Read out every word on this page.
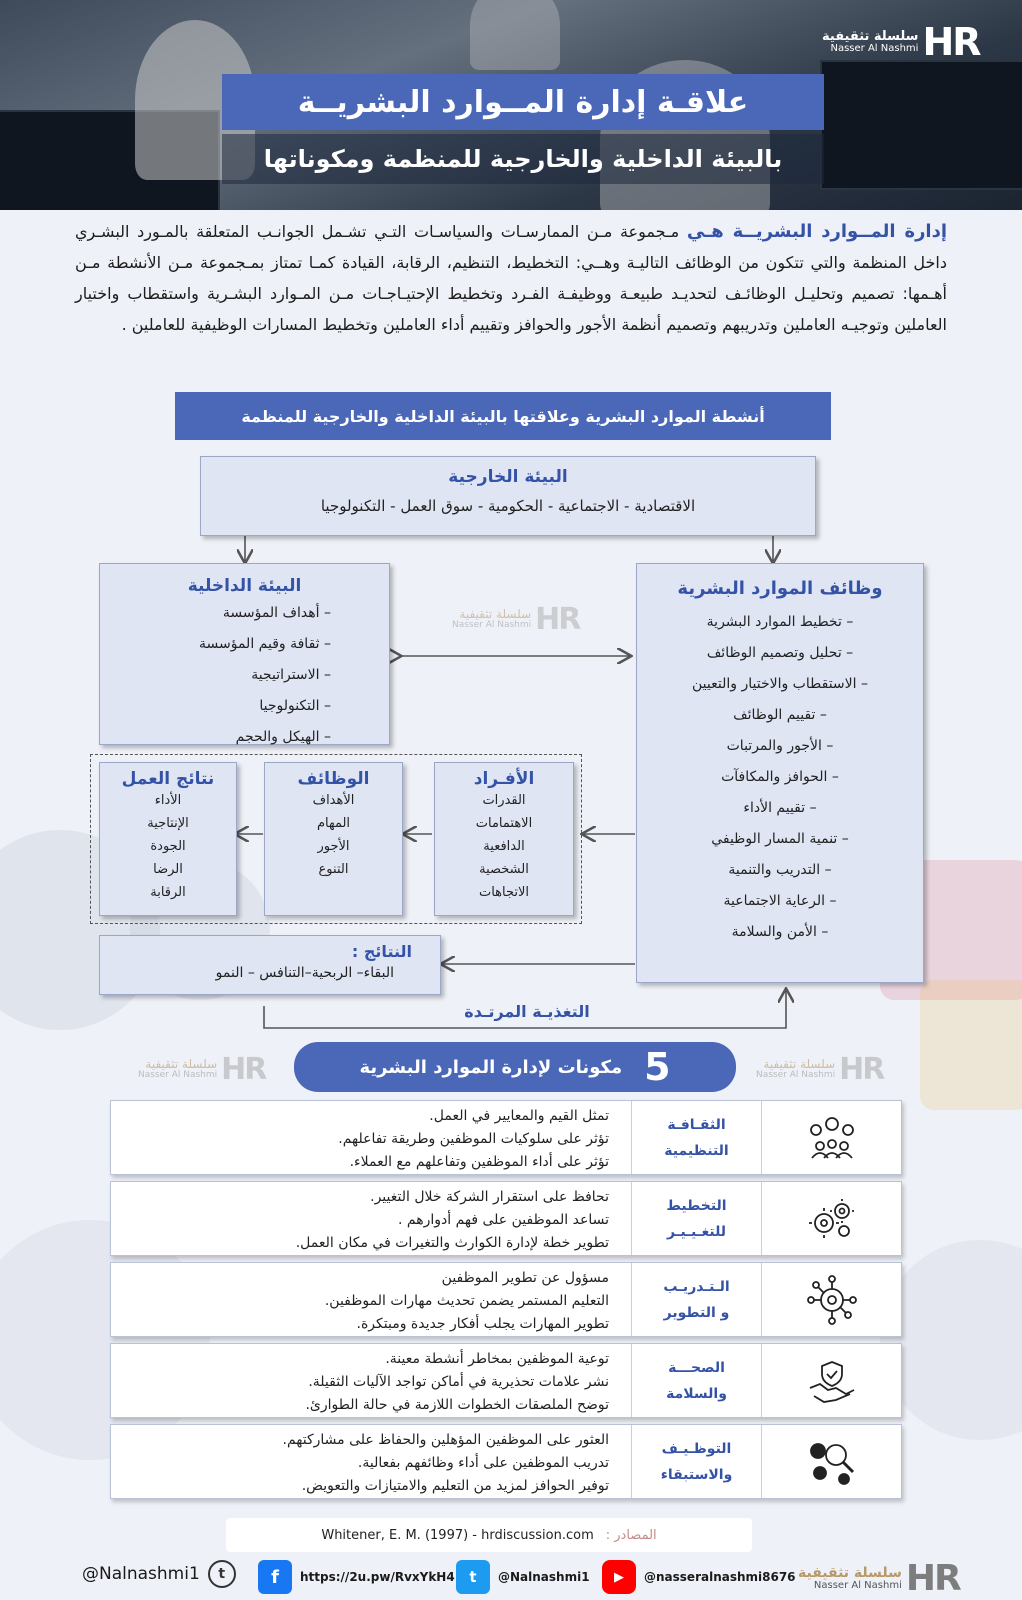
سلسلة تثقيفية
Nasser Al Nashmi HR
علاقـة إدارة المــوارد البشريــة
بالبيئة الداخلية والخارجية للمنظمة ومكوناتها
إدارة المــوارد البشريــة هـي مـجموعة مـن الممارسـات والسياسـات التـي تشـمل الجوانـب المتعلقة بالمـورد البشـري داخل المنظمة والتي تتكون من الوظائف التاليـة وهــي: التخطيط، التنظيم، الرقابة، القيادة كمـا تمتاز بمـجموعة مـن الأنشطة مـن أهـمها: تصميم وتحليـل الوظائـف لتحديـد طبيعـة ووظيفـة الفـرد وتخطيط الإحتيـاجـات مـن المـوارد البشـرية واستقطاب واختيار العاملين وتوجيـه العاملين وتدريبهم وتصميم أنظمة الأجور والحوافز وتقييم أداء العاملين وتخطيط المسارات الوظيفية للعاملين .
أنشطة الموارد البشرية وعلاقتها بالبيئة الداخلية والخارجية للمنظمة
البيئة الخارجية
الاقتصادية - الاجتماعية - الحكومية - سوق العمل - التكنولوجيا
البيئة الداخلية
– أهداف المؤسسة
– ثقافة وقيم المؤسسة
– الاستراتيجية
– التكنولوجيا
– الهيكل والحجم
سلسلة تثقيفية
Nasser Al Nashmi HR
وظائف الموارد البشرية
– تخطيط الموارد البشرية
– تحليل وتصميم الوظائف
– الاستقطاب والاختيار والتعيين
– تقييم الوظائف
– الأجور والمرتبات
– الحوافز والمكافآت
– تقييم الأداء
– تنمية المسار الوظيفي
– التدريب والتنمية
– الرعاية الاجتماعية
– الأمن والسلامة
الأفـراد
القدرات
الاهتمامات
الدافعية
الشخصية
الاتجاهات
الوظائف
الأهداف
المهام
الأجور
التنوع
نتائج العمل
الأداء
الإنتاجية
الجودة
الرضا
الرقابة
النتائج :
البقاء– الربحية–التنافس – النمو
التغذيـة المرتـدة
سلسلة تثقيفية
Nasser Al Nashmi HR	سلسلة تثقيفية
Nasser Al Nashmi HR
5
مكونات لإدارة الموارد البشرية
الثقـافـة
التنظيمية
تمثل القيم والمعايير في العمل.
تؤثر على سلوكيات الموظفين وطريقة تفاعلهم.
تؤثر على أداء الموظفين وتفاعلهم مع العملاء.
التخطيط
للتغـيـيـر
تحافظ على استقرار الشركة خلال التغيير.
تساعد الموظفين على فهم أدوارهم .
تطوير خطة لإدارة الكوارث والتغيرات في مكان العمل.
الـتـدريـب
و التطوير
مسؤول عن تطوير الموظفين
التعليم المستمر يضمن تحديث مهارات الموظفين.
تطوير المهارات يجلب أفكار جديدة ومبتكرة.
الصحـــة
والسلامة
توعية الموظفين بمخاطر أنشطة معينة.
نشر علامات تحذيرية في أماكن تواجد الآليات الثقيلة.
توضح الملصقات الخطوات اللازمة في حالة الطوارئ.
التوظـيـف
والاستبقاء
العثور على الموظفين المؤهلين والحفاظ على مشاركتهم.
تدريب الموظفين على أداء وظائفهم بفعالية.
توفير الحوافز لمزيد من التعليم والامتيازات والتعويض.
المصادر :
Whitener, E. M. (1997) - hrdiscussion.com
@Nalnashmi1	t	f	https://2u.pw/RvxYkH4 t	@Nalnashmi1	▶	@nasseralnashmi8676 سلسلة تثقيفية
Nasser Al Nashmi HR
